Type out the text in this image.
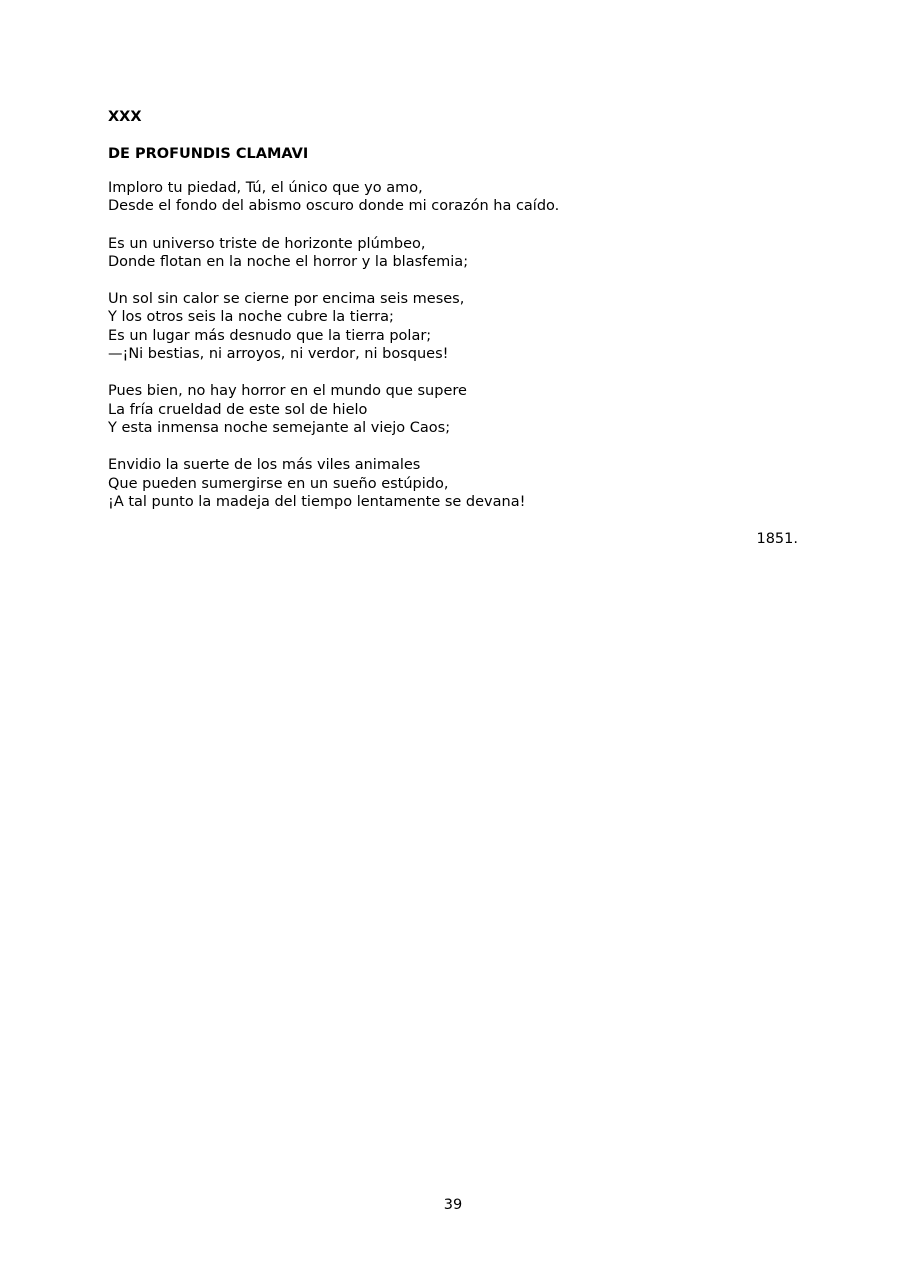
XXX
DE PROFUNDIS CLAMAVI
Imploro tu piedad, Tú, el único que yo amo,
Desde el fondo del abismo oscuro donde mi corazón ha caído.
Es un universo triste de horizonte plúmbeo,
Donde flotan en la noche el horror y la blasfemia;
Un sol sin calor se cierne por encima seis meses,
Y los otros seis la noche cubre la tierra;
Es un lugar más desnudo que la tierra polar;
—¡Ni bestias, ni arroyos, ni verdor, ni bosques!
Pues bien, no hay horror en el mundo que supere
La fría crueldad de este sol de hielo
Y esta inmensa noche semejante al viejo Caos;
Envidio la suerte de los más viles animales
Que pueden sumergirse en un sueño estúpido,
¡A tal punto la madeja del tiempo lentamente se devana!
1851.
39
